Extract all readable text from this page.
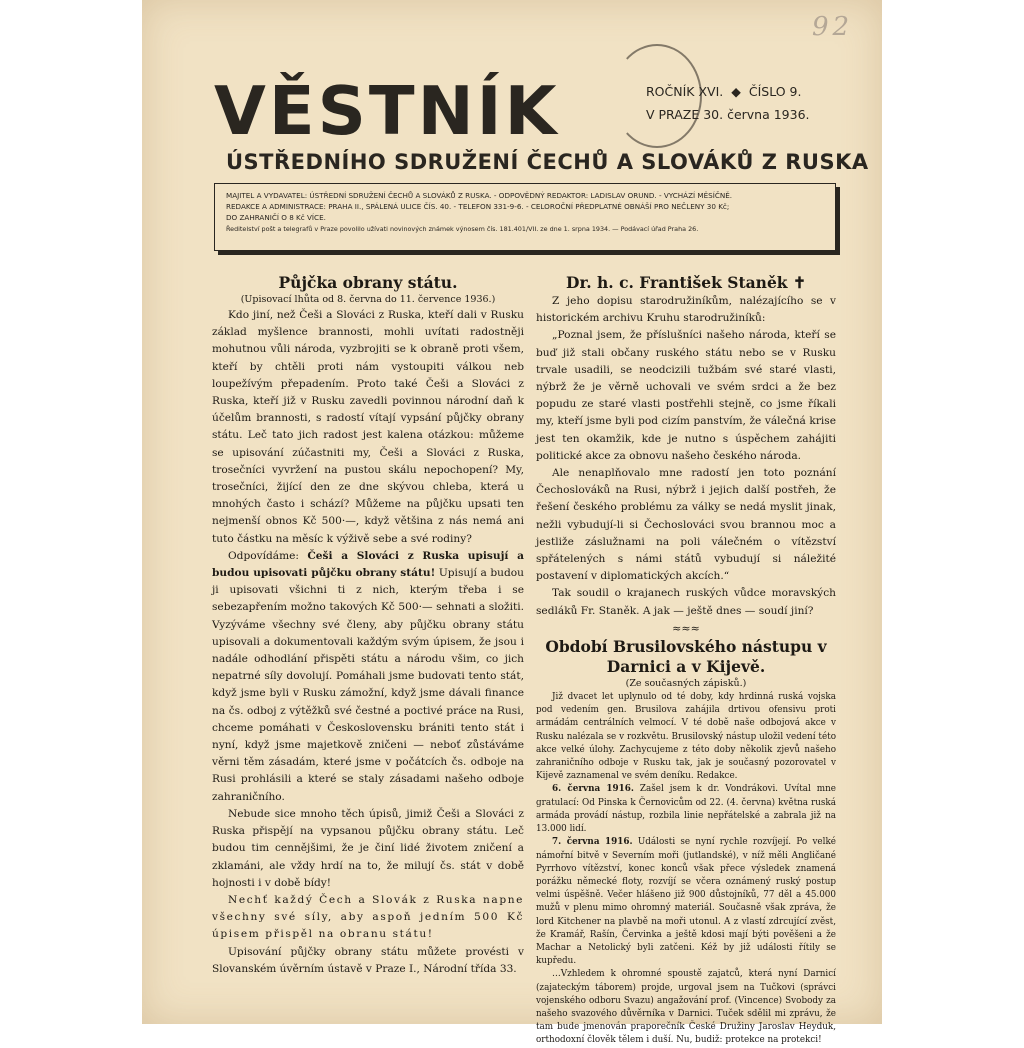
92
VĚSTNÍK	ROČNÍK XVI. ◆ ČÍSLO 9.
V PRAZE 30. června 1936.
ÚSTŘEDNÍHO SDRUŽENÍ ČECHŮ A SLOVÁKŮ Z RUSKA
MAJITEL A VYDAVATEL: ÚSTŘEDNÍ SDRUŽENÍ ČECHŮ A SLOVÁKŮ Z RUSKA. - ODPOVĚDNÝ REDAKTOR: LADISLAV ORUND. - VYCHÁZÍ MĚSÍČNĚ.
REDAKCE A ADMINISTRACE: PRAHA II., SPÁLENÁ ULICE ČÍS. 40. - TELEFON 331-9-6. - CELOROČNÍ PŘEDPLATNÉ OBNÁŠÍ PRO NEČLENY 30 Kč;
DO ZAHRANIČÍ O 8 Kč VÍCE.
Ředitelství pošt a telegrafů v Praze povolilo užívati novinových známek výnosem čís. 181.401/VII. ze dne 1. srpna 1934. — Podávací úřad Praha 26.
Půjčka obrany státu.
(Upisovací lhůta od 8. června do 11. července 1936.)

Kdo jiní, než Češi a Slováci z Ruska, kteří dali v Rusku základ myšlence brannosti, mohli uvítati radostněji mohutnou vůli národa, vyzbrojiti se k obraně proti všem, kteří by chtěli proti nám vystoupiti válkou neb loupežívým přepadením. Proto také Češi a Slováci z Ruska, kteří již v Rusku zavedli povinnou národní daň k účelům brannosti, s radostí vítají vypsání půjčky obrany státu. Leč tato jich radost jest kalena otázkou: můžeme se upisování zúčastniti my, Češi a Slováci z Ruska, trosečníci vyvržení na pustou skálu nepochopení? My, trosečníci, žijící den ze dne skývou chleba, která u mnohých často i schází? Můžeme na půjčku upsati ten nejmenší obnos Kč 500·—, když většina z nás nemá ani tuto částku na měsíc k výživě sebe a své rodiny?

Odpovídáme: Češi a Slováci z Ruska upisují a budou upisovati půjčku obrany státu! Upisují a budou ji upisovati všichni ti z nich, kterým třeba i se sebezapřením možno takových Kč 500·— sehnati a složiti. Vyzýváme všechny své členy, aby půjčku obrany státu upisovali a dokumentovali každým svým úpisem, že jsou i nadále odhodlání přispěti státu a národu všim, co jich nepatrné síly dovolují. Pomáhali jsme budovati tento stát, když jsme byli v Rusku zámožní, když jsme dávali finance na čs. odboj z výtěžků své čestné a poctivé práce na Rusi, chceme pomáhati v Československu brániti tento stát i nyní, když jsme majetkově zničeni — neboť zůstáváme věrni těm zásadám, které jsme v počátcích čs. odboje na Rusi prohlásili a které se staly zásadami našeho odboje zahraničního.

Nebude sice mnoho těch úpisů, jimiž Češi a Slováci z Ruska přispějí na vypsanou půjčku obrany státu. Leč budou tim cennějšimi, že je činí lidé životem zničení a zklamáni, ale vždy hrdí na to, že milují čs. stát v době hojnosti i v době bídy!

Nechť každý Čech a Slovák z Ruska napne všechny své síly, aby aspoň jedním 500 Kč úpisem přispěl na obranu státu!

Upisování půjčky obrany státu můžete provésti v Slovanském úvěrním ústavě v Praze I., Národní třída 33.

Dr. h. c. František Staněk ✝

Z jeho dopisu starodružiníkům, nalézajícího se v historickém archivu Kruhu starodružiníků:

„Poznal jsem, že příslušníci našeho národa, kteří se buď již stali občany ruského státu nebo se v Rusku trvale usadili, se neodcizili tužbám své staré vlasti, nýbrž že je věrně uchovali ve svém srdci a že bez popudu ze staré vlasti postřehli stejně, co jsme říkali my, kteří jsme byli pod cizím panstvím, že válečná krise jest ten okamžik, kde je nutno s úspěchem zahájiti politické akce za obnovu našeho českého národa.

Ale nenaplňovalo mne radostí jen toto poznání Čechoslováků na Rusi, nýbrž i jejich další postřeh, že řešení českého problému za války se nedá myslit jinak, nežli vybudují-li si Čechoslováci svou brannou moc a jestliže záslužnami na poli válečném o vítězství spřátelených s námi států vybudují si náležité postavení v diplomatických akcích.“

Tak soudil o krajanech ruských vůdce moravských sedláků Fr. Staněk. A jak — ještě dnes — soudí jiní?

≈≈≈

Období Brusilovského nástupu v Darnici a v Kijevě.
(Ze současných zápisků.)

Již dvacet let uplynulo od té doby, kdy hrdinná ruská vojska pod vedením gen. Brusilova zahájila drtivou ofensivu proti armádám centrálních velmocí. V té době naše odbojová akce v Rusku nalézala se v rozkvětu. Brusilovský nástup uložil vedení této akce velké úlohy. Zachycujeme z této doby několik zjevů našeho zahraničního odboje v Rusku tak, jak je současný pozorovatel v Kijevě zaznamenal ve svém deníku. Redakce.

6. června 1916. Zašel jsem k dr. Vondrákovi. Uvítal mne gratulací: Od Pinska k Černovicům od 22. (4. června) května ruská armáda provádí nástup, rozbila linie nepřátelské a zabrala již na 13.000 lidí.

7. června 1916. Události se nyní rychle rozvíjejí. Po velké námořní bitvě v Severním moři (jutlandské), v níž měli Angličané Pyrrhovo vítězství, konec konců však přece výsledek znamená porážku německé floty, rozvíjí se včera oznámený ruský postup velmi úspěšně. Večer hlášeno již 900 důstojníků, 77 děl a 45.000 mužů v plenu mimo ohromný materiál. Současně však zpráva, že lord Kitchener na plavbě na moři utonul. A z vlastí zdrcující zvěst, že Kramář, Rašín, Červinka a ještě kdosi mají býti pověšeni a že Machar a Netolický byli zatčeni. Kéž by již události řítily se kupředu.

…Vzhledem k ohromné spoustě zajatců, která nyní Darnicí (zajateckým táborem) projde, urgoval jsem na Tučkovi (správci vojenského odboru Svazu) angažování prof. (Vincence) Svobody za našeho svazového důvěrníka v Darnici. Tuček sdělil mi zprávu, že tam bude jmenován praporečník České Družiny Jaroslav Heyduk, orthodoxní člověk tělem i duší. Nu, budiž: protekce na protekci!
